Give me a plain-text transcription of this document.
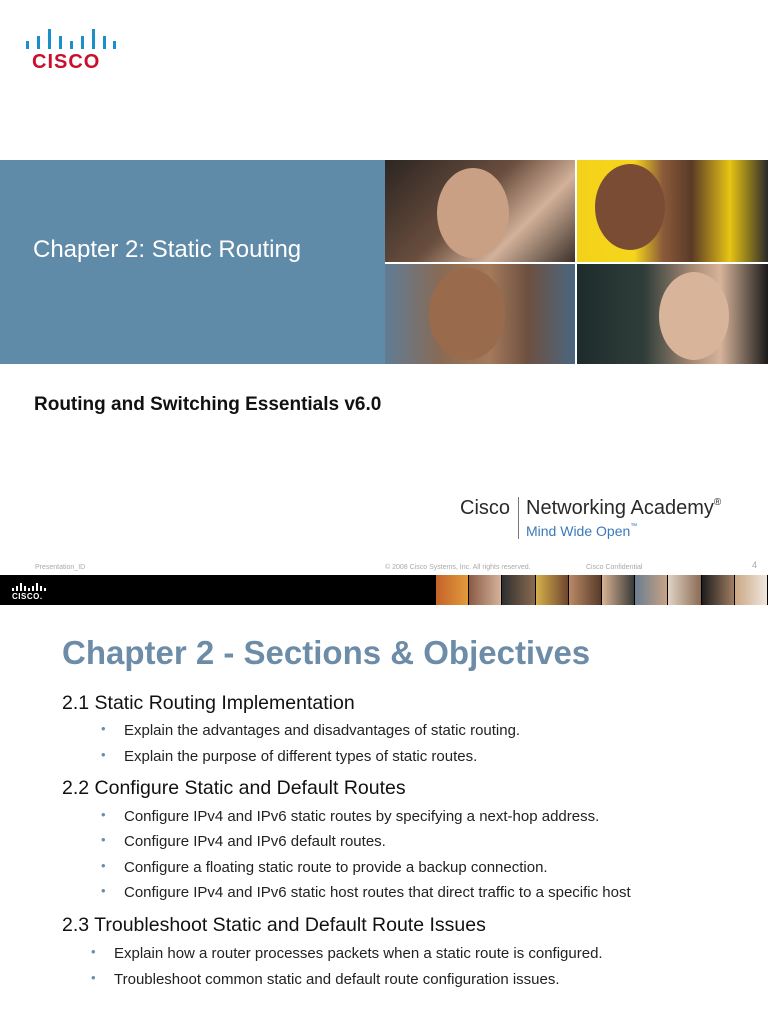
CISCO
Chapter 2: Static Routing
Routing and Switching Essentials v6.0
Cisco Networking Academy®
Mind Wide Open™
Presentation_ID	© 2008 Cisco Systems, Inc. All rights reserved.	Cisco Confidential	4
CISCO.
Chapter 2 - Sections & Objectives
2.1 Static Routing Implementation
• Explain the advantages and disadvantages of static routing.
• Explain the purpose of different types of static routes.
2.2 Configure Static and Default Routes
• Configure IPv4 and IPv6 static routes by specifying a next-hop address.
• Configure IPv4 and IPv6 default routes.
• Configure a floating static route to provide a backup connection.
• Configure IPv4 and IPv6 static host routes that direct traffic to a specific host
2.3 Troubleshoot Static and Default Route Issues
• Explain how a router processes packets when a static route is configured.
• Troubleshoot common static and default route configuration issues.
